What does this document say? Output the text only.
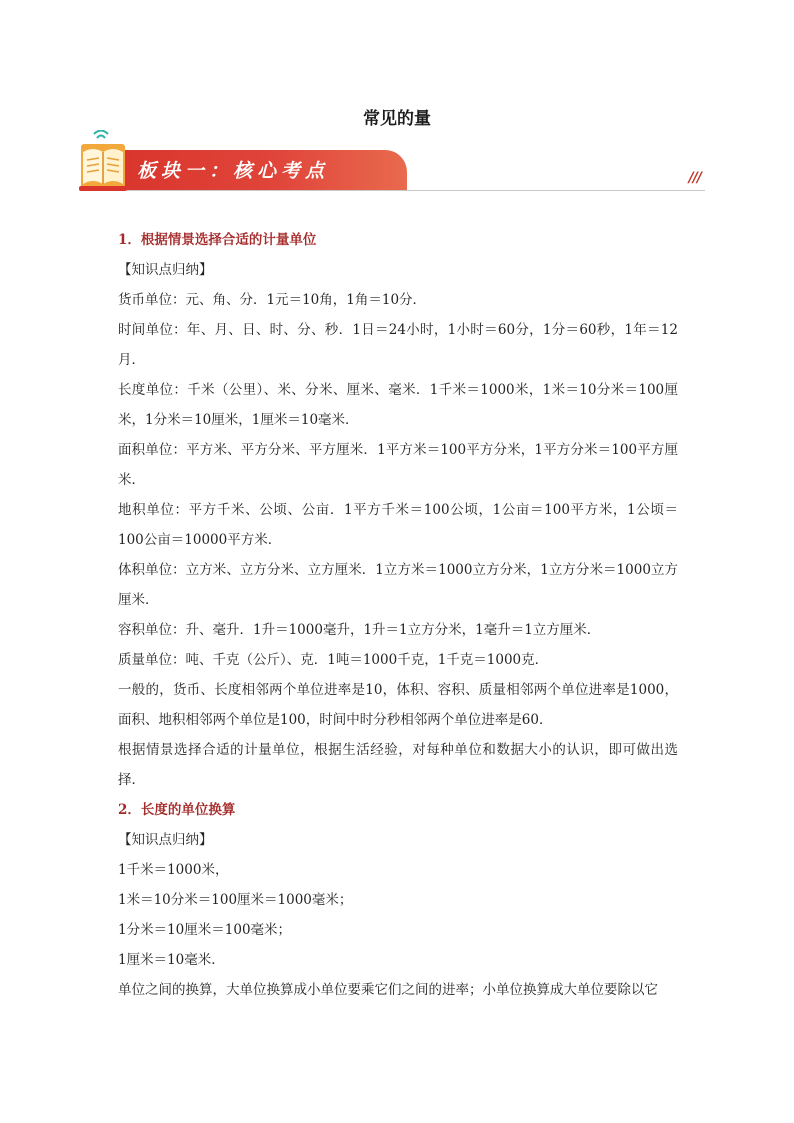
常见的量
板块一：核心考点	///

1．根据情景选择合适的计量单位

【知识点归纳】

货币单位：元、角、分．1元＝10角，1角＝10分．

时间单位：年、月、日、时、分、秒．1日＝24小时，1小时＝60分，1分＝60秒，1年＝12月．

长度单位：千米（公里）、米、分米、厘米、毫米．1千米＝1000米，1米＝10分米＝100厘米，1分米＝10厘米，1厘米＝10毫米．

面积单位：平方米、平方分米、平方厘米．1平方米＝100平方分米，1平方分米＝100平方厘米．

地积单位：平方千米、公顷、公亩．1平方千米＝100公顷，1公亩＝100平方米，1公顷＝100公亩＝10000平方米．

体积单位：立方米、立方分米、立方厘米．1立方米＝1000立方分米，1立方分米＝1000立方厘米．

容积单位：升、毫升．1升＝1000毫升，1升＝1立方分米，1毫升＝1立方厘米．

质量单位：吨、千克（公斤）、克．1吨＝1000千克，1千克＝1000克．

一般的，货币、长度相邻两个单位进率是10，体积、容积、质量相邻两个单位进率是1000，面积、地积相邻两个单位是100，时间中时分秒相邻两个单位进率是60．

根据情景选择合适的计量单位，根据生活经验，对每种单位和数据大小的认识，即可做出选择．

2．长度的单位换算

【知识点归纳】

1千米＝1000米，

1米＝10分米＝100厘米＝1000毫米；

1分米＝10厘米＝100毫米；

1厘米＝10毫米．

单位之间的换算，大单位换算成小单位要乘它们之间的进率；小单位换算成大单位要除以它
